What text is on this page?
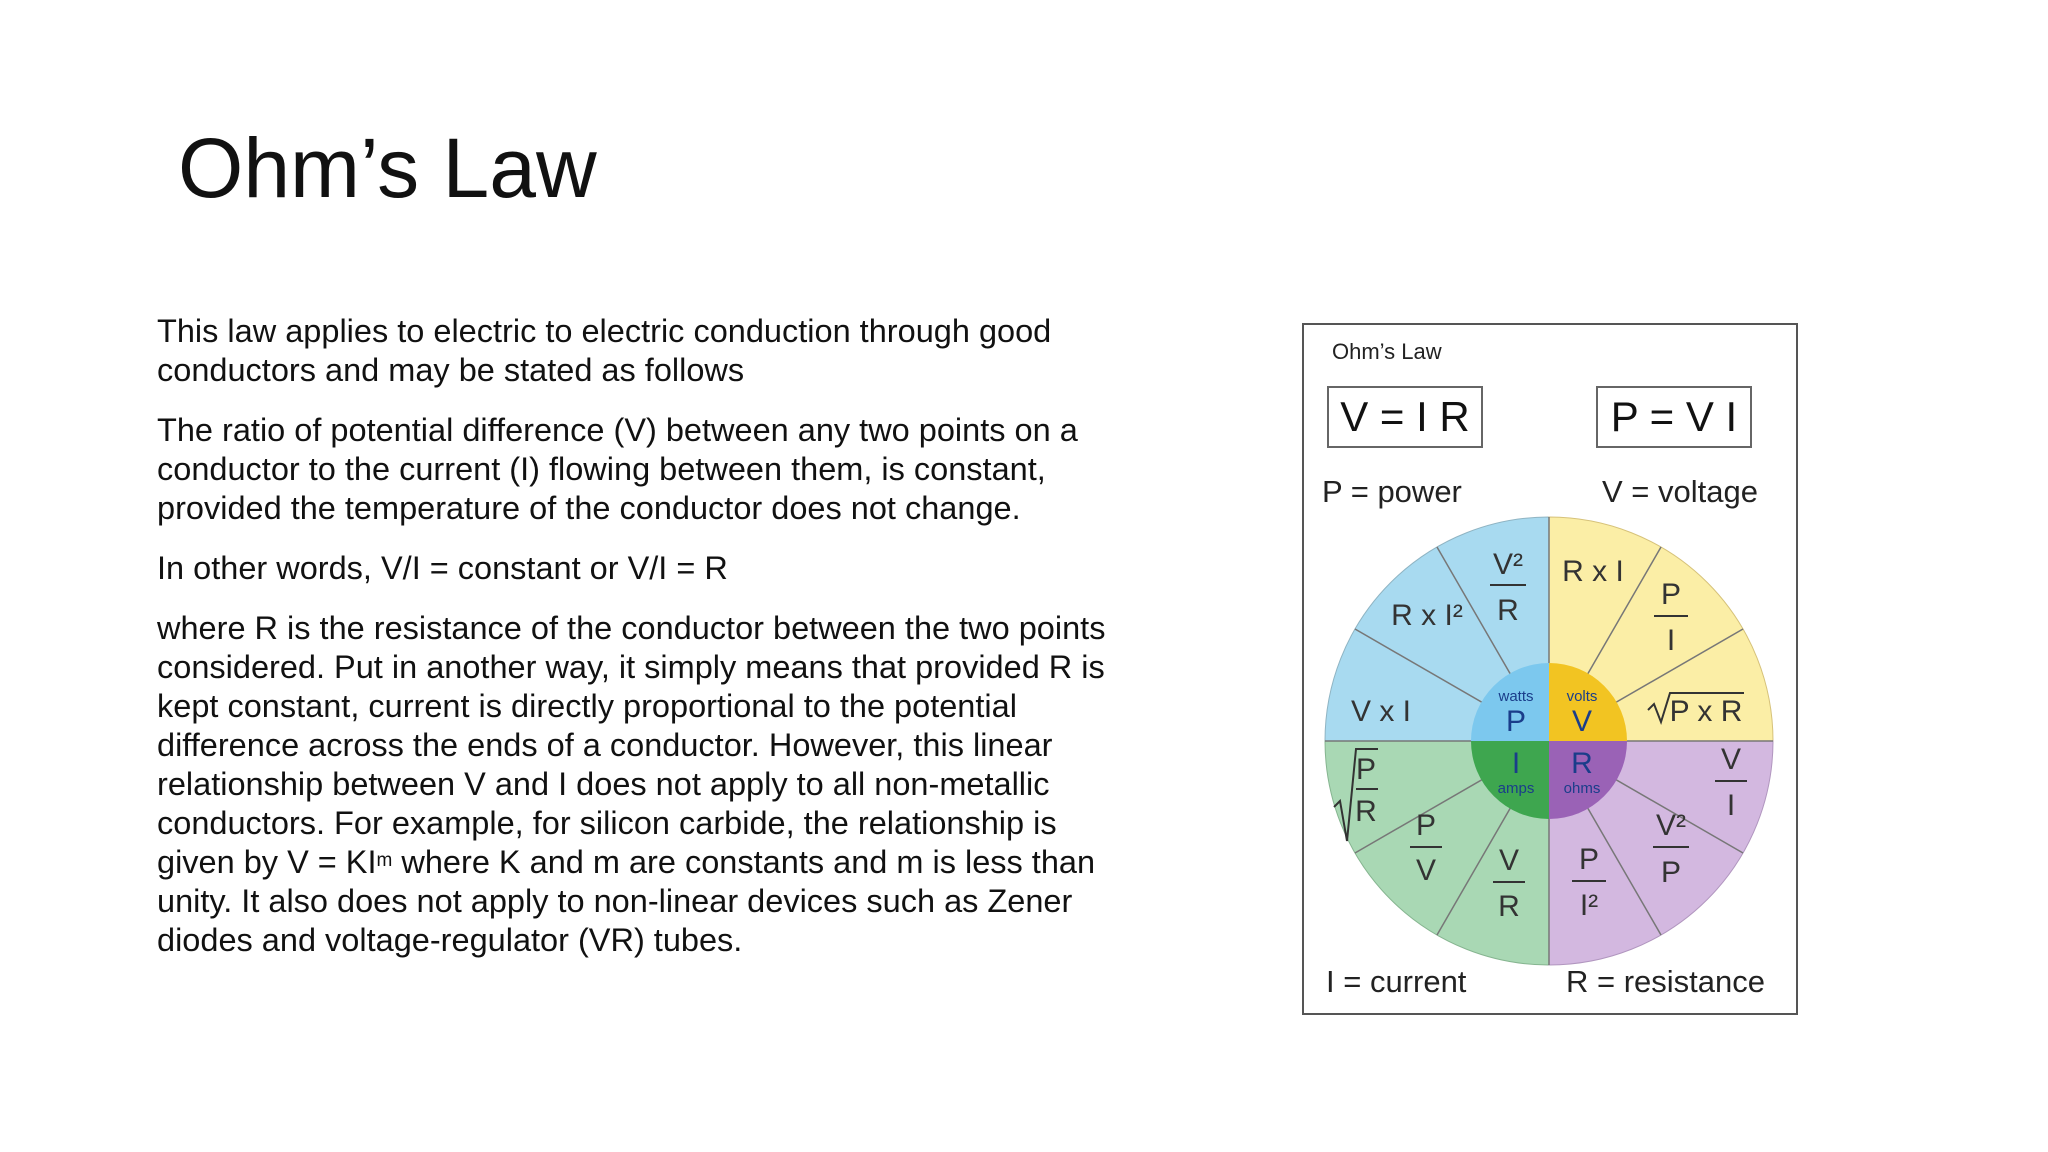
Ohm’s Law

This law applies to electric to electric conduction through good conductors and may be stated as follows

The ratio of potential difference (V) between any two points on a conductor to the current (I) flowing between them, is constant, provided the temperature of the conductor does not change.

In other words, V/I = constant or V/I = R

where R is the resistance of the conductor between the two points considered. Put in another way, it simply means that provided R is kept constant, current is directly proportional to the potential difference across the ends of a conductor. However, this linear relationship between V and I does not apply to all non-metallic conductors. For example, for silicon carbide, the relationship is given by $V = KI^m$ where K and m are constants and m is less than unity. It also does not apply to non-linear devices such as Zener diodes and voltage-regulator (VR) tubes.

Ohm’s Law
V = I R	P = V I
P = power	V = voltage
watts volts
P V
I R
amps ohms
V²
R
R x I²
V x I
R x I
P
I
P x R
P
R P
V V
R
V
I
V²
P
P
I²
I = current	R = resistance
